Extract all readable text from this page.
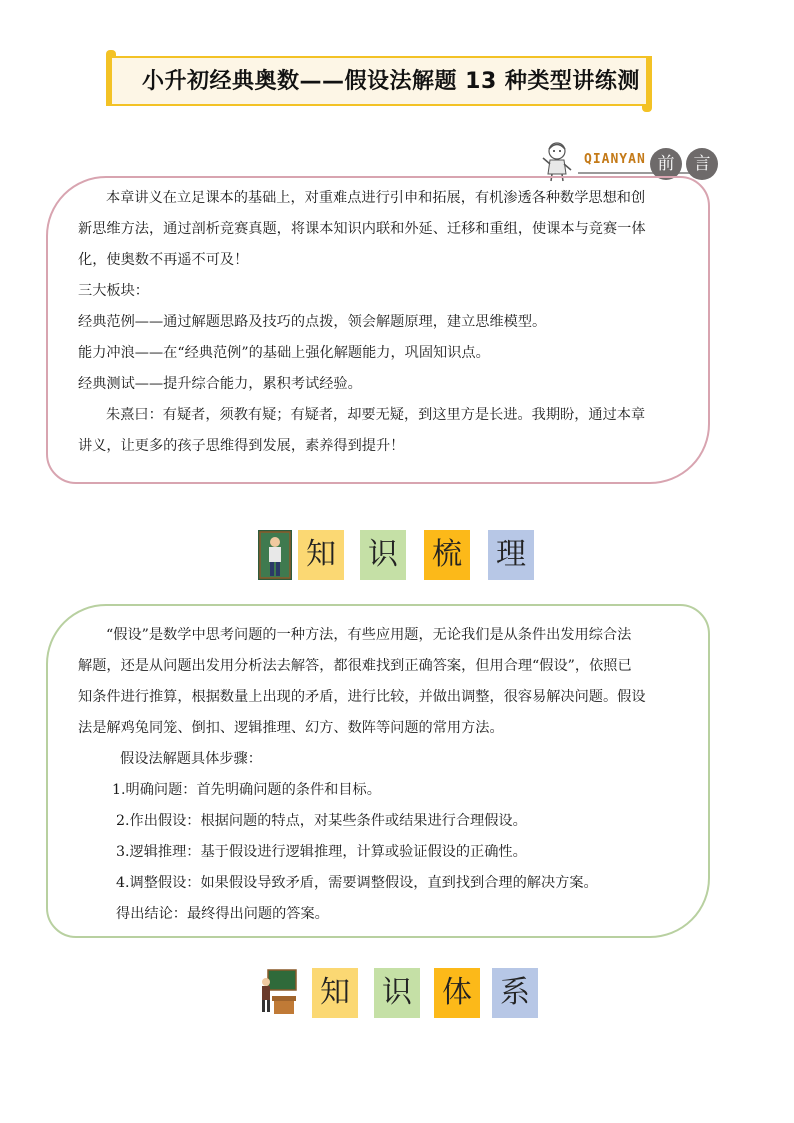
小升初经典奥数——假设法解题 13 种类型讲练测
QIANYAN 前	言
本章讲义在立足课本的基础上，对重难点进行引申和拓展，有机渗透各种数学思想和创
新思维方法，通过剖析竞赛真题，将课本知识内联和外延、迁移和重组，使课本与竞赛一体
化，使奥数不再遥不可及！
三大板块：
经典范例——通过解题思路及技巧的点拨，领会解题原理，建立思维模型。
能力冲浪——在“经典范例”的基础上强化解题能力，巩固知识点。
经典测试——提升综合能力，累积考试经验。
朱熹曰：有疑者，须教有疑；有疑者，却要无疑，到这里方是长进。我期盼，通过本章
讲义，让更多的孩子思维得到发展，素养得到提升！
知 识 梳 理
“假设”是数学中思考问题的一种方法，有些应用题，无论我们是从条件出发用综合法
解题，还是从问题出发用分析法去解答，都很难找到正确答案，但用合理“假设”，依照已
知条件进行推算，根据数量上出现的矛盾，进行比较，并做出调整，很容易解决问题。假设
法是解鸡兔同笼、倒扣、逻辑推理、幻方、数阵等问题的常用方法。
假设法解题具体步骤：
1.明确问题：首先明确问题的条件和目标。
2.作出假设：根据问题的特点，对某些条件或结果进行合理假设。
3.逻辑推理：基于假设进行逻辑推理，计算或验证假设的正确性。
4.调整假设：如果假设导致矛盾，需要调整假设，直到找到合理的解决方案。
得出结论：最终得出问题的答案。
知 识 体 系
